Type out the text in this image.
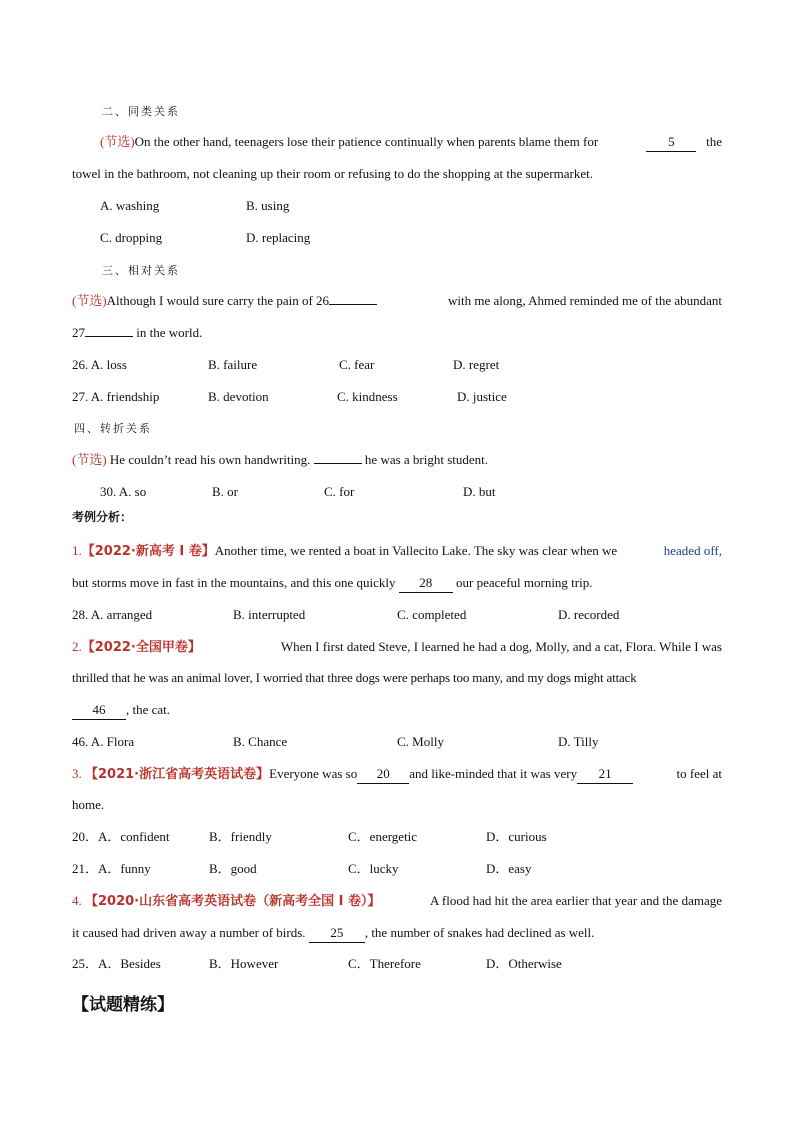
二、同类关系
(节选)On the other hand, teenagers lose their patience continually when parents blame them for	5 the
towel in the bathroom, not cleaning up their room or refusing to do the shopping at the supermarket.
A. washing	B. using
C. dropping	D. replacing
三、相对关系
(节选)Although I would sure carry the pain of 26	with me along, Ahmed reminded me of the abundant
27	in the world.
26. A. loss	B. failure	C. fear	D. regret
27. A. friendship	B. devotion	C. kindness	D. justice
四、转折关系
(节选) He couldn’t read his own handwriting.	he was a bright student.
30. A. so	B. or	C. for	D. but
考例分析：
1.【2022·新高考 I 卷】Another time, we rented a boat in Vallecito Lake. The sky was clear when we	headed off,
but storms move in fast in the mountains, and this one quickly 28 our peaceful morning trip.
28. A. arranged	B. interrupted	C. completed	D. recorded
2.【2022·全国甲卷】	When I first dated Steve, I learned he had a dog, Molly, and a cat, Flora. While I was
thrilled that he was an animal lover, I worried that three dogs were perhaps too many, and my dogs might attack
46 , the cat.
46. A. Flora	B. Chance	C. Molly	D. Tilly
3. 【2021·浙江省高考英语试卷】Everyone was so 20 and like-minded that it was very 21	to feel at
home.
20．A．confident	B．friendly	C．energetic	D．curious
21．A．funny	B．good	C．lucky	D．easy
4. 【2020·山东省高考英语试卷（新高考全国 I 卷）】	A flood had hit the area earlier that year and the damage
it caused had driven away a number of birds. 25 , the number of snakes had declined as well.
25．A．Besides	B．However	C．Therefore	D．Otherwise
【试题精练】
